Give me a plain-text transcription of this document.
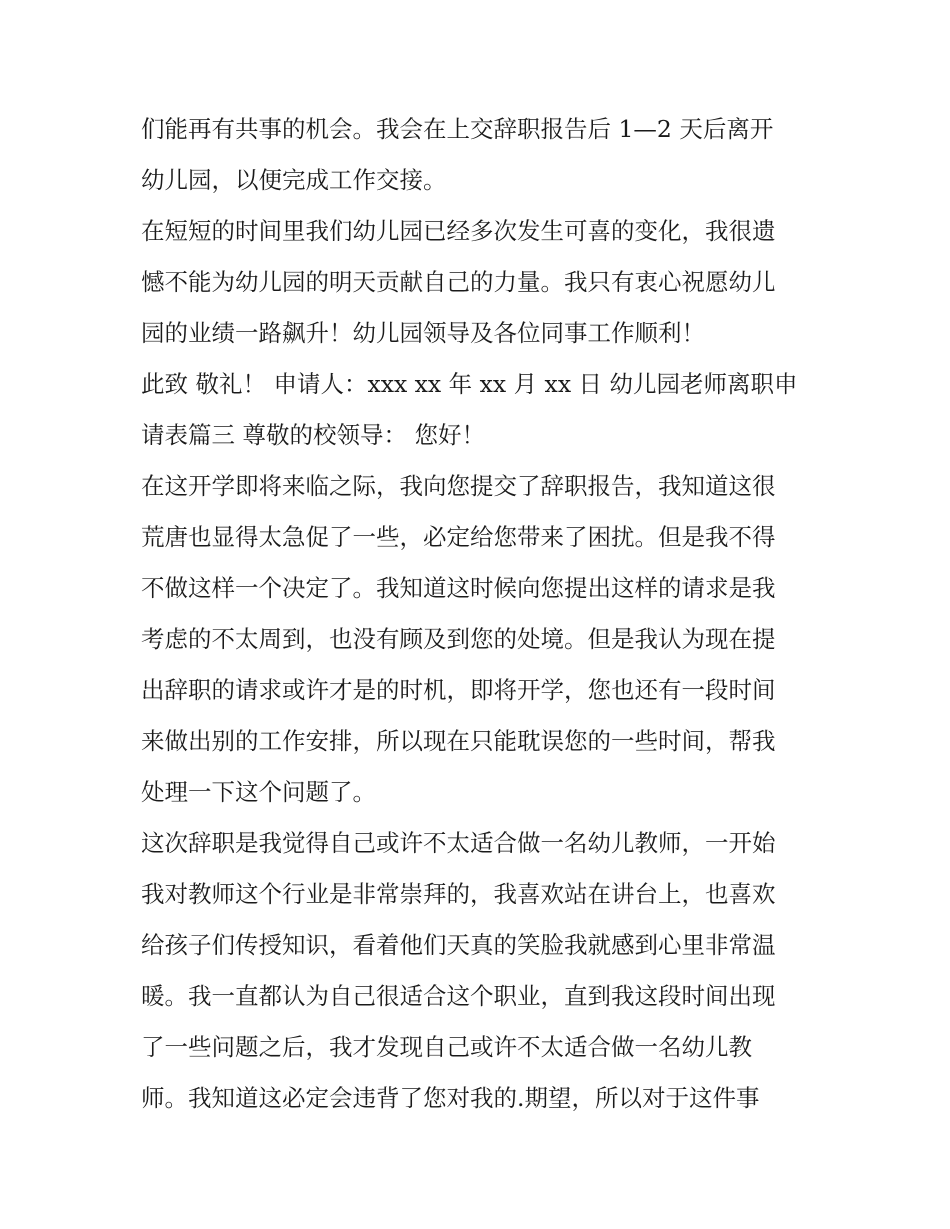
们能再有共事的机会。我会在上交辞职报告后 1—2 天后离开
幼儿园，以便完成工作交接。
在短短的时间里我们幼儿园已经多次发生可喜的变化，我很遗
憾不能为幼儿园的明天贡献自己的力量。我只有衷心祝愿幼儿
园的业绩一路飙升！幼儿园领导及各位同事工作顺利！
此致 敬礼！ 申请人：xxx xx 年 xx 月 xx 日 幼儿园老师离职申
请表篇三 尊敬的校领导： 您好！
在这开学即将来临之际，我向您提交了辞职报告，我知道这很
荒唐也显得太急促了一些，必定给您带来了困扰。但是我不得
不做这样一个决定了。我知道这时候向您提出这样的请求是我
考虑的不太周到，也没有顾及到您的处境。但是我认为现在提
出辞职的请求或许才是的时机，即将开学，您也还有一段时间
来做出别的工作安排，所以现在只能耽误您的一些时间，帮我
处理一下这个问题了。
这次辞职是我觉得自己或许不太适合做一名幼儿教师，一开始
我对教师这个行业是非常崇拜的，我喜欢站在讲台上，也喜欢
给孩子们传授知识，看着他们天真的笑脸我就感到心里非常温
暖。我一直都认为自己很适合这个职业，直到我这段时间出现
了一些问题之后，我才发现自己或许不太适合做一名幼儿教
师。我知道这必定会违背了您对我的.期望，所以对于这件事
